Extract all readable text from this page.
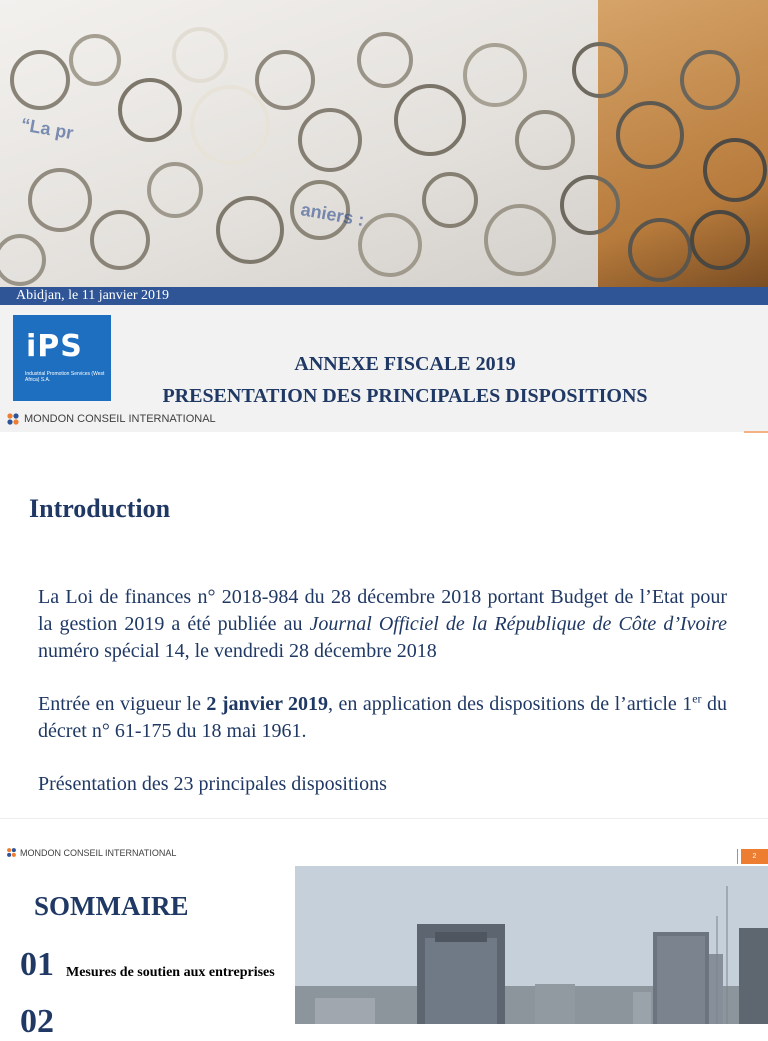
“La pr
aniers :
Abidjan, le 11 janvier 2019
iPS
Industrial Promotion Services (West Africa) S.A.
ANNEXE FISCALE 2019
PRESENTATION DES PRINCIPALES DISPOSITIONS
MONDON CONSEIL INTERNATIONAL
Introduction
La Loi de finances n° 2018-984 du 28 décembre 2018 portant Budget de l’Etat pour la gestion 2019 a été publiée au Journal Officiel de la République de Côte d’Ivoire numéro spécial 14, le vendredi 28 décembre 2018
Entrée en vigueur le 2 janvier 2019, en application des dispositions de l’article 1er du décret n° 61-175 du 18 mai 1961.
Présentation des 23 principales dispositions
MONDON CONSEIL INTERNATIONAL	2
SOMMAIRE
01 Mesures de soutien aux entreprises
02
